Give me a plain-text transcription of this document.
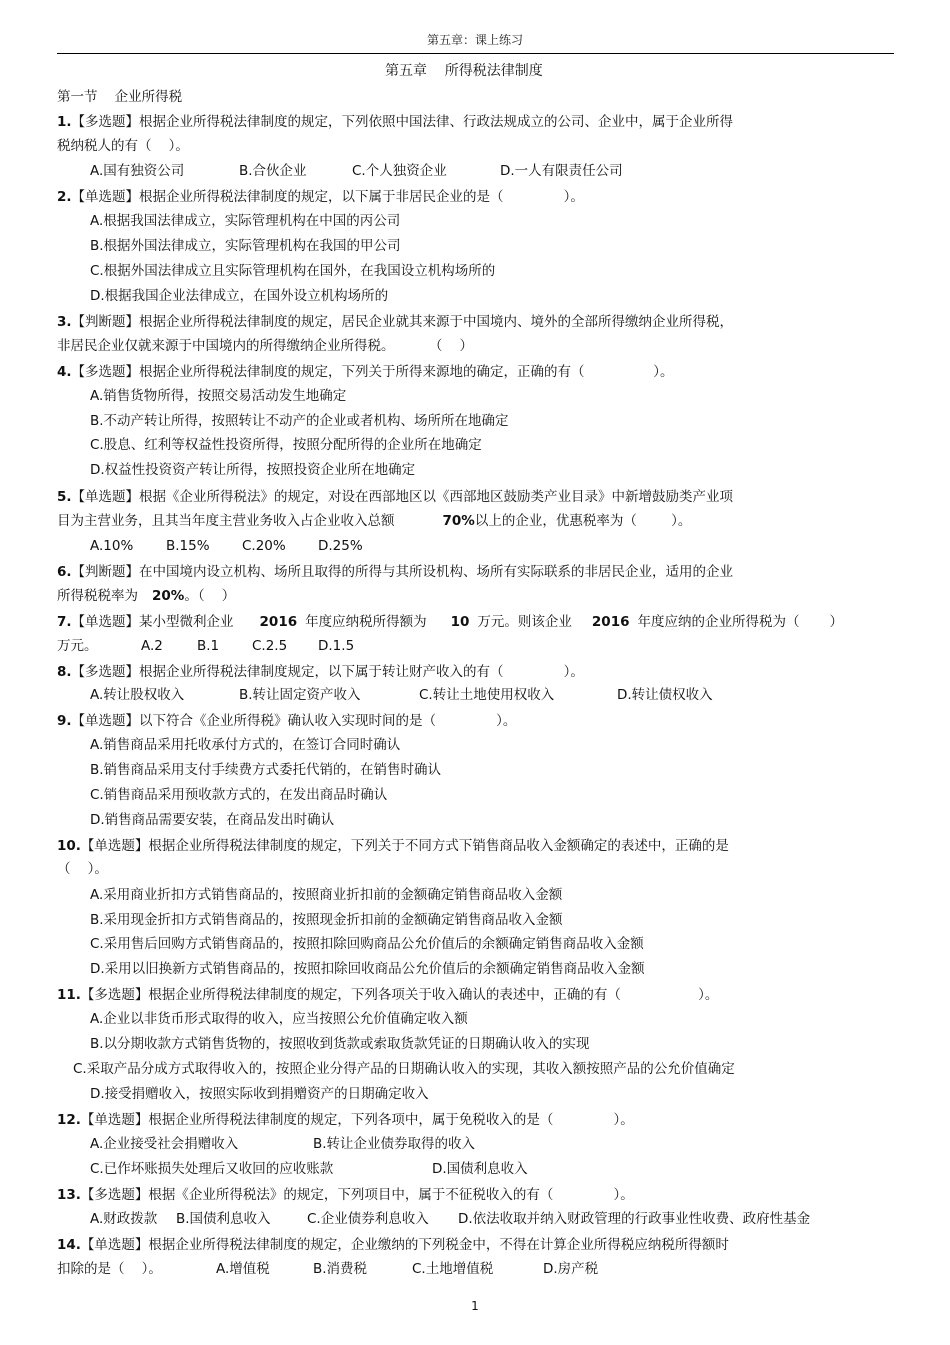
第五章：课上练习
第五章    所得税法律制度
第一节    企业所得税
1.【多选题】根据企业所得税法律制度的规定，下列依照中国法律、行政法规成立的公司、企业中，属于企业所得
税纳税人的有（    ）。
A.国有独资公司	B.合伙企业	C.个人独资企业	D.一人有限责任公司
2.【单选题】根据企业所得税法律制度的规定，以下属于非居民企业的是（              ）。
A.根据我国法律成立，实际管理机构在中国的丙公司
B.根据外国法律成立，实际管理机构在我国的甲公司
C.根据外国法律成立且实际管理机构在国外，在我国设立机构场所的
D.根据我国企业法律成立，在国外设立机构场所的
3.【判断题】根据企业所得税法律制度的规定，居民企业就其来源于中国境内、境外的全部所得缴纳企业所得税，
非居民企业仅就来源于中国境内的所得缴纳企业所得税。        （    ）
4.【多选题】根据企业所得税法律制度的规定，下列关于所得来源地的确定，正确的有（                ）。
A.销售货物所得，按照交易活动发生地确定
B.不动产转让所得，按照转让不动产的企业或者机构、场所所在地确定
C.股息、红利等权益性投资所得，按照分配所得的企业所在地确定
D.权益性投资资产转让所得，按照投资企业所在地确定
5.【单选题】根据《企业所得税法》的规定，对设在西部地区以《西部地区鼓励类产业目录》中新增鼓励类产业项
目为主营业务，且其当年度主营业务收入占企业收入总额	70%以上的企业，优惠税率为（        ）。
A.10% B.15% C.20% D.25%
6.【判断题】在中国境内设立机构、场所且取得的所得与其所设机构、场所有实际联系的非居民企业，适用的企业
所得税税率为 20%。（    ）
7.【单选题】某小型微利企业 2016 年度应纳税所得额为 10 万元。则该企业 2016 年度应纳的企业所得税为（ ）
万元。	A.2	B.1 C.2.5 D.1.5
8.【多选题】根据企业所得税法律制度规定，以下属于转让财产收入的有（              ）。
A.转让股权收入	B.转让固定资产收入	C.转让土地使用权收入	D.转让债权收入
9.【单选题】以下符合《企业所得税》确认收入实现时间的是（              ）。
A.销售商品采用托收承付方式的，在签订合同时确认
B.销售商品采用支付手续费方式委托代销的，在销售时确认
C.销售商品采用预收款方式的，在发出商品时确认
D.销售商品需要安装，在商品发出时确认
10.【单选题】根据企业所得税法律制度的规定，下列关于不同方式下销售商品收入金额确定的表述中，正确的是
（    ）。
A.采用商业折扣方式销售商品的，按照商业折扣前的金额确定销售商品收入金额
B.采用现金折扣方式销售商品的，按照现金折扣前的金额确定销售商品收入金额
C.采用售后回购方式销售商品的，按照扣除回购商品公允价值后的余额确定销售商品收入金额
D.采用以旧换新方式销售商品的，按照扣除回收商品公允价值后的余额确定销售商品收入金额
11.【多选题】根据企业所得税法律制度的规定，下列各项关于收入确认的表述中，正确的有（                  ）。
A.企业以非货币形式取得的收入，应当按照公允价值确定收入额
B.以分期收款方式销售货物的，按照收到货款或索取货款凭证的日期确认收入的实现
C.采取产品分成方式取得收入的，按照企业分得产品的日期确认收入的实现，其收入额按照产品的公允价值确定
D.接受捐赠收入，按照实际收到捐赠资产的日期确定收入
12.【单选题】根据企业所得税法律制度的规定，下列各项中，属于免税收入的是（              ）。
A.企业接受社会捐赠收入	B.转让企业债券取得的收入
C.已作坏账损失处理后又收回的应收账款	D.国债利息收入
13.【多选题】根据《企业所得税法》的规定，下列项目中，属于不征税收入的有（              ）。
A.财政拨款 B.国债利息收入	C.企业债券利息收入 D.依法收取并纳入财政管理的行政事业性收费、政府性基金
14.【单选题】根据企业所得税法律制度的规定，企业缴纳的下列税金中，不得在计算企业所得税应纳税所得额时
扣除的是（    ）。	A.增值税	B.消费税	C.土地增值税	D.房产税
1
